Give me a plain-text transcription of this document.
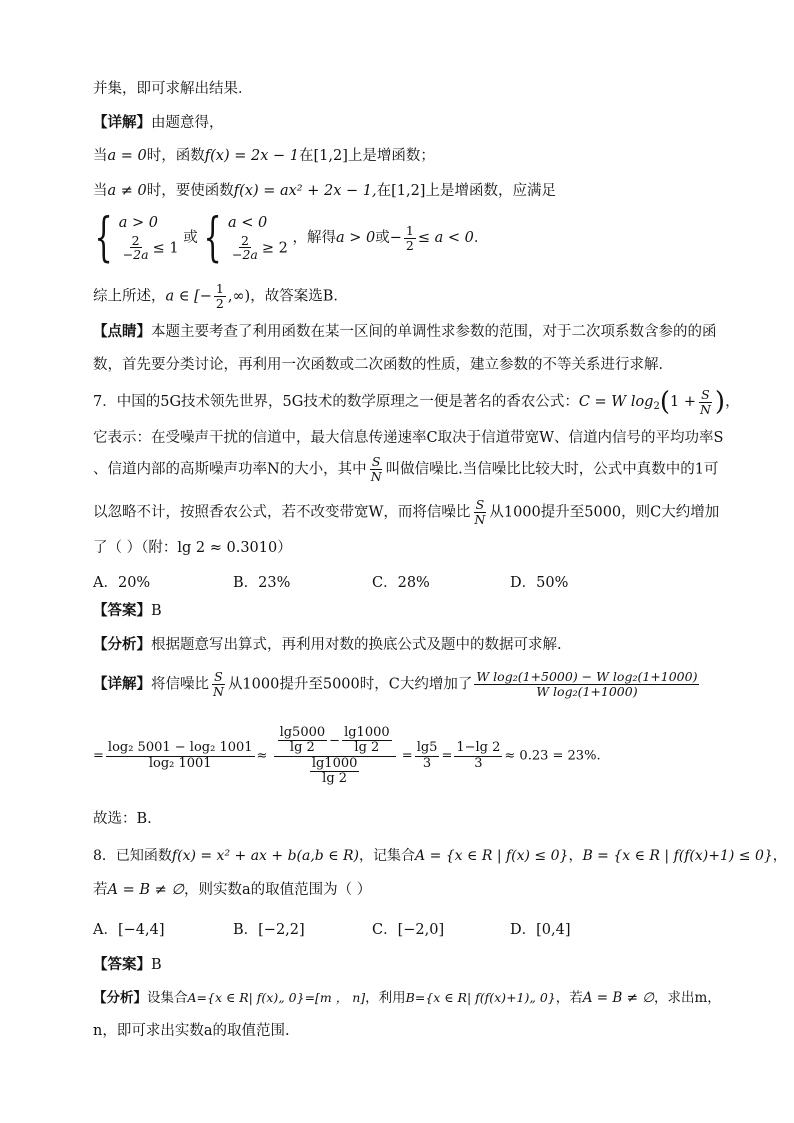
并集，即可求解出结果．
【详解】由题意得，
当a = 0时，函数f(x) = 2x − 1在[1,2]上是增函数；
当a ≠ 0时，要使函数f(x) = ax² + 2x − 1,在[1,2]上是增函数，应满足
{ a > 0
$\frac{2}{-2a} \le 1$
或 { a < 0
$\frac{2}{-2a} \ge 2$
，解得a > 0或− $\frac{1}{2} \le a < 0$．
综上所述，a ∈ [− $\frac{1}{2}$ ,∞)，故答案选B．
【点睛】本题主要考查了利用函数在某一区间的单调性求参数的范围，对于二次项系数含参的的函
数，首先要分类讨论，再利用一次函数或二次函数的性质，建立参数的不等关系进行求解．
7．中国的5G技术领先世界，5G技术的数学原理之一便是著名的香农公式：C = W $\log_2(1 + \frac{S}{N}$ )，
它表示：在受噪声干扰的信道中，最大信息传递速率C取决于信道带宽W、信道内信号的平均功率S
、信道内部的高斯噪声功率N的大小，其中 $\frac{S}{N}$ 叫做信噪比.当信噪比比较大时，公式中真数中的1可
以忽略不计，按照香农公式，若不改变带宽W，而将信噪比 $\frac{S}{N}$ 从1000提升至5000，则C大约增加
了（ ）（附：lg 2 ≈ 0.3010）
A．20%	B．23%	C．28%	D．50%
【答案】B
【分析】根据题意写出算式，再利用对数的换底公式及题中的数据可求解.
【详解】将信噪比 $\frac{S}{N}$ 从1000提升至5000时，C大约增加了 $\frac{\text{W log₂(1+5000) − W log₂(1+1000)}}{\text{W log₂(1+1000)}}$
= $\frac{\text{log₂ 5001 − log₂ 1001}}{\text{log₂ 1001}} \approx \frac{\frac{\lg 5000}{\lg 2} - \frac{\lg 1000}{\lg 2}}{\frac{\lg 1000}{\lg 2}} = \frac{\lg 5}{3} = \frac{1-\lg 2}{3} \approx 0.23 = 23\%$.
故选：B.
8．已知函数f(x) = x² + ax + b(a,b ∈ R)，记集合A = {x ∈ R | f(x) ≤ 0}，B = {x ∈ R | f(f(x)+1) ≤ 0}，
若A = B ≠ ∅，则实数a的取值范围为（ ）
A．[−4,4]	B．[−2,2]	C．[−2,0]	D．[0,4]
【答案】B
【分析】设集合A={x ∈ R| f(x)„ 0}=[m ， n]，利用B={x ∈ R| f(f(x)+1)„ 0}，若A = B ≠ ∅，求出m，
n，即可求出实数a的取值范围.
